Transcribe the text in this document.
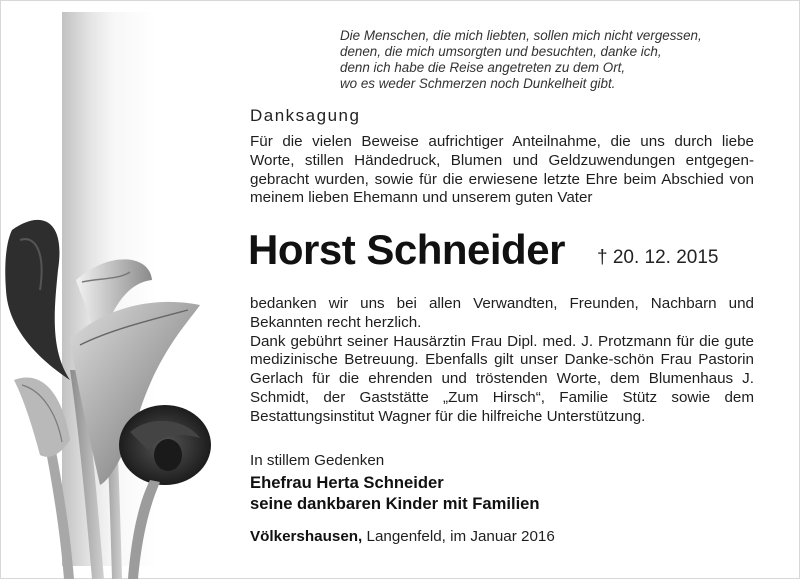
Die Menschen, die mich liebten, sollen mich nicht vergessen,
denen, die mich umsorgten und besuchten, danke ich,
denn ich habe die Reise angetreten zu dem Ort,
wo es weder Schmerzen noch Dunkelheit gibt.
Danksagung
Für die vielen Beweise aufrichtiger Anteilnahme, die uns durch liebe Worte, stillen Händedruck, Blumen und Geldzuwendungen entgegen-gebracht wurden, sowie für die erwiesene letzte Ehre beim Abschied von meinem lieben Ehemann und unserem guten Vater
Horst Schneider † 20. 12. 2015
bedanken wir uns bei allen Verwandten, Freunden, Nachbarn und Bekannten recht herzlich.
Dank gebührt seiner Hausärztin Frau Dipl. med. J. Protzmann für die gute medizinische Betreuung. Ebenfalls gilt unser Danke-schön Frau Pastorin Gerlach für die ehrenden und tröstenden Worte, dem Blumenhaus J. Schmidt, der Gaststätte „Zum Hirsch“, Familie Stütz sowie dem Bestattungsinstitut Wagner für die hilfreiche Unterstützung.
In stillem Gedenken
Ehefrau Herta Schneider
seine dankbaren Kinder mit Familien
Völkershausen, Langenfeld, im Januar 2016
